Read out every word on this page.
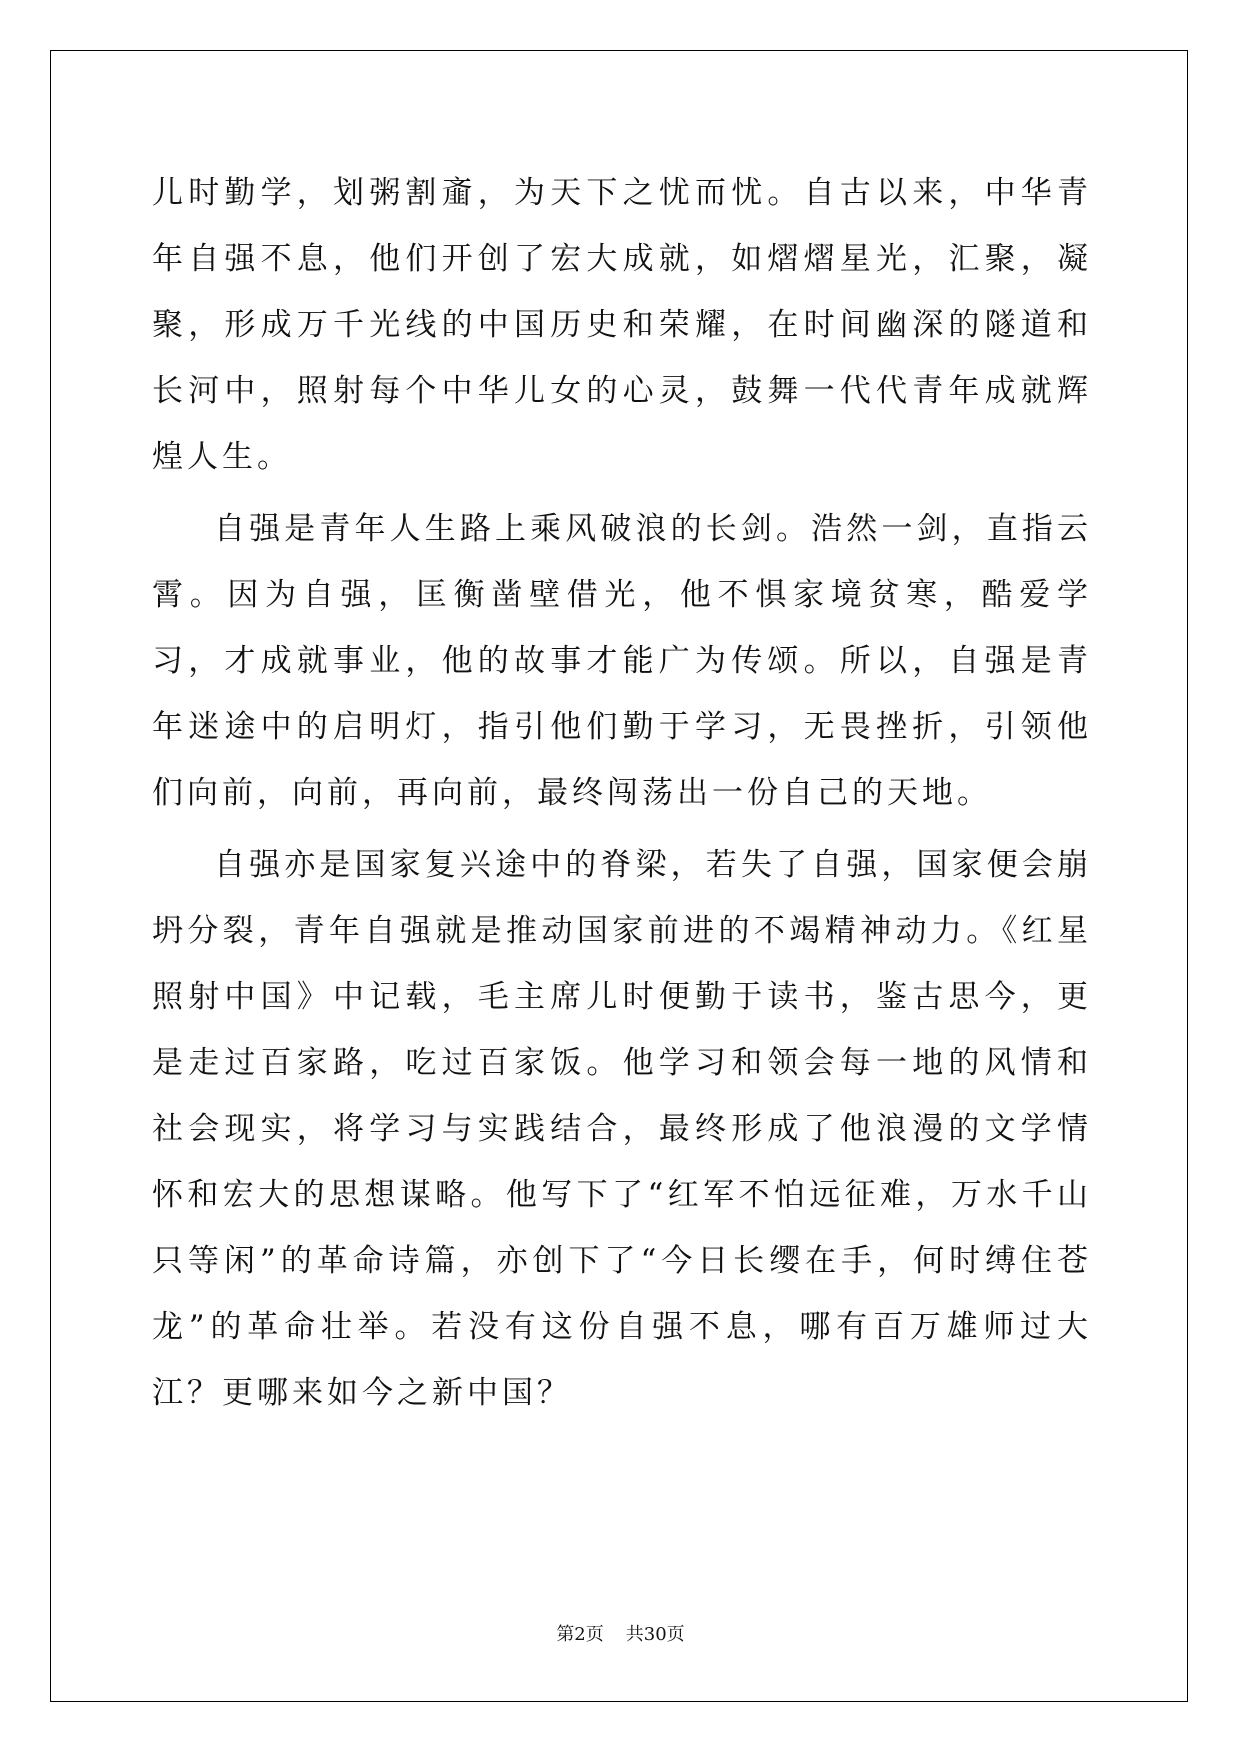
儿时勤学，划粥割齑，为天下之忧而忧。自古以来，中华青年自强不息，他们开创了宏大成就，如熠熠星光，汇聚，凝聚，形成万千光线的中国历史和荣耀，在时间幽深的隧道和长河中，照射每个中华儿女的心灵，鼓舞一代代青年成就辉煌人生。

自强是青年人生路上乘风破浪的长剑。浩然一剑，直指云霄。因为自强，匡衡凿壁借光，他不惧家境贫寒，酷爱学习，才成就事业，他的故事才能广为传颂。所以，自强是青年迷途中的启明灯，指引他们勤于学习，无畏挫折，引领他们向前，向前，再向前，最终闯荡出一份自己的天地。

自强亦是国家复兴途中的脊梁，若失了自强，国家便会崩坍分裂，青年自强就是推动国家前进的不竭精神动力。《红星照射中国》中记载，毛主席儿时便勤于读书，鉴古思今，更是走过百家路，吃过百家饭。他学习和领会每一地的风情和社会现实，将学习与实践结合，最终形成了他浪漫的文学情怀和宏大的思想谋略。他写下了“红军不怕远征难，万水千山只等闲”的革命诗篇，亦创下了“今日长缨在手，何时缚住苍龙”的革命壮举。若没有这份自强不息，哪有百万雄师过大江？更哪来如今之新中国？

第2页 共30页
